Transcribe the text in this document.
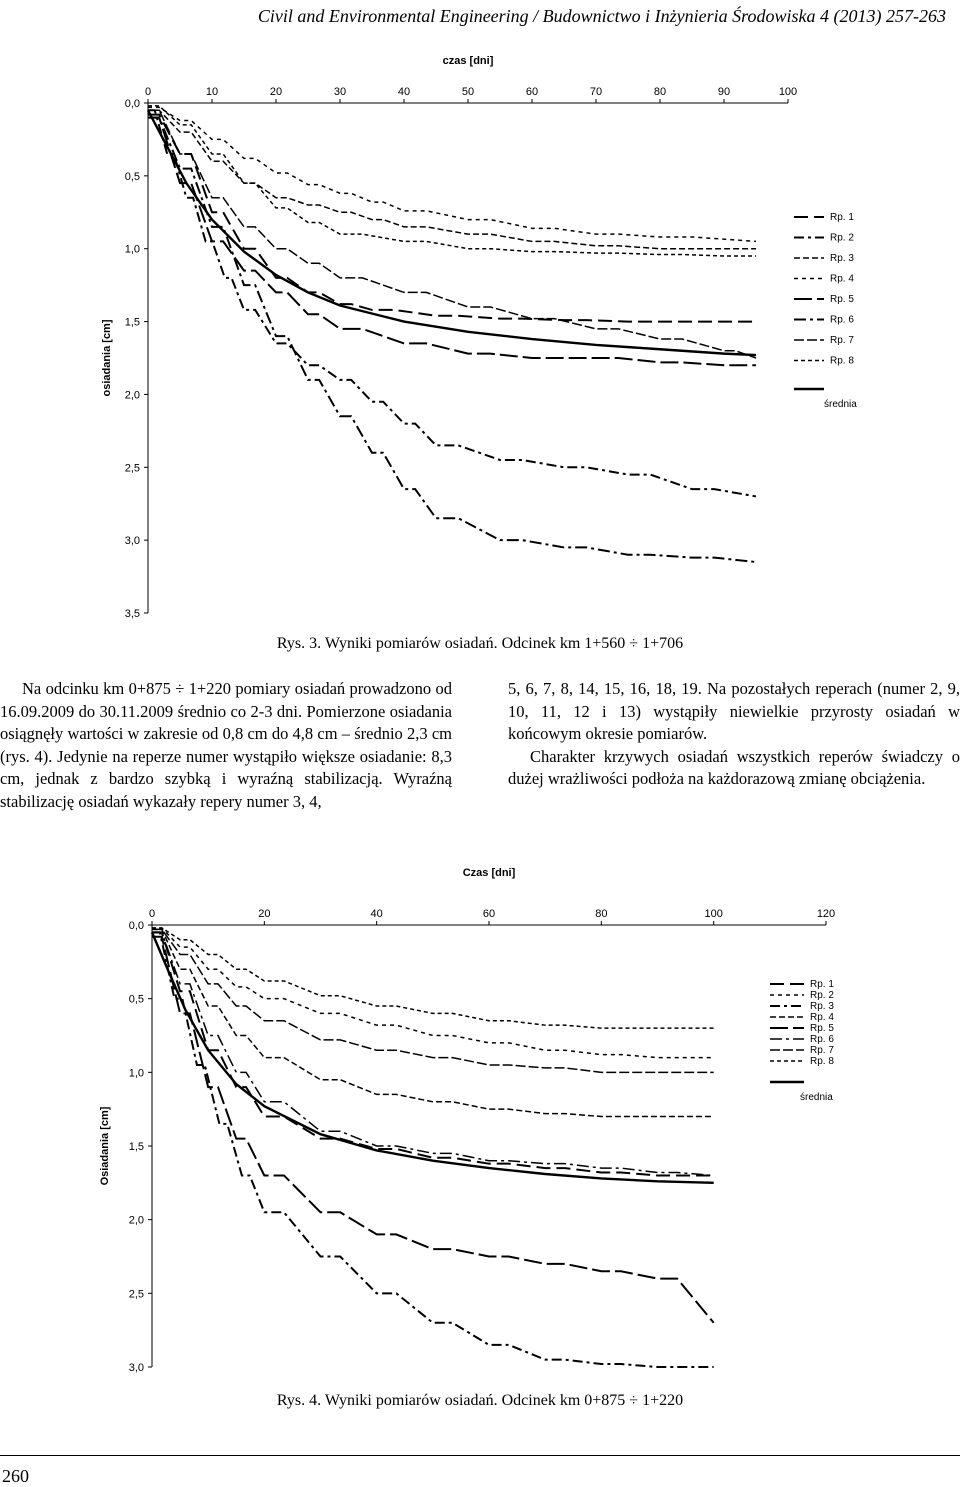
Civil and Environmental Engineering / Budownictwo i Inżynieria Środowiska 4 (2013) 257-263
czas [dni]
osiadania [cm]
0	10	20	30	40	50	60	70	80	90	100
0,0
0,5
1,0
1,5
2,0
2,5
3,0
3,5
Rp. 1
Rp. 2
Rp. 3
Rp. 4
Rp. 5
Rp. 6
Rp. 7
Rp. 8
średnia
Rys. 3. Wyniki pomiarów osiadań. Odcinek km 1+560 ÷ 1+706

Na odcinku km 0+875 ÷ 1+220 pomiary osiadań prowadzono od 16.09.2009 do 30.11.2009 średnio co 2-3 dni. Pomierzone osiadania osiągnęły wartości w zakresie od 0,8 cm do 4,8 cm – średnio 2,3 cm (rys. 4). Jedynie na reperze numer wystąpiło większe osiadanie: 8,3 cm, jednak z bardzo szybką i wyraźną stabilizacją. Wyraźną stabilizację osiadań wykazały repery numer 3, 4,

5, 6, 7, 8, 14, 15, 16, 18, 19. Na pozostałych reperach (numer 2, 9, 10, 11, 12 i 13) wystąpiły niewielkie przyrosty osiadań w końcowym okresie pomiarów.

Charakter krzywych osiadań wszystkich reperów świadczy o dużej wrażliwości podłoża na każdorazową zmianę obciążenia.

Czas [dni]
Osiadania [cm]
0	20	40	60	80	100	120
0,0
0,5
1,0
1,5
2,0
2,5
3,0
Rp. 1
Rp. 2
Rp. 3
Rp. 4
Rp. 5
Rp. 6
Rp. 7
Rp. 8
średnia
Rys. 4. Wyniki pomiarów osiadań. Odcinek km 0+875 ÷ 1+220
260
